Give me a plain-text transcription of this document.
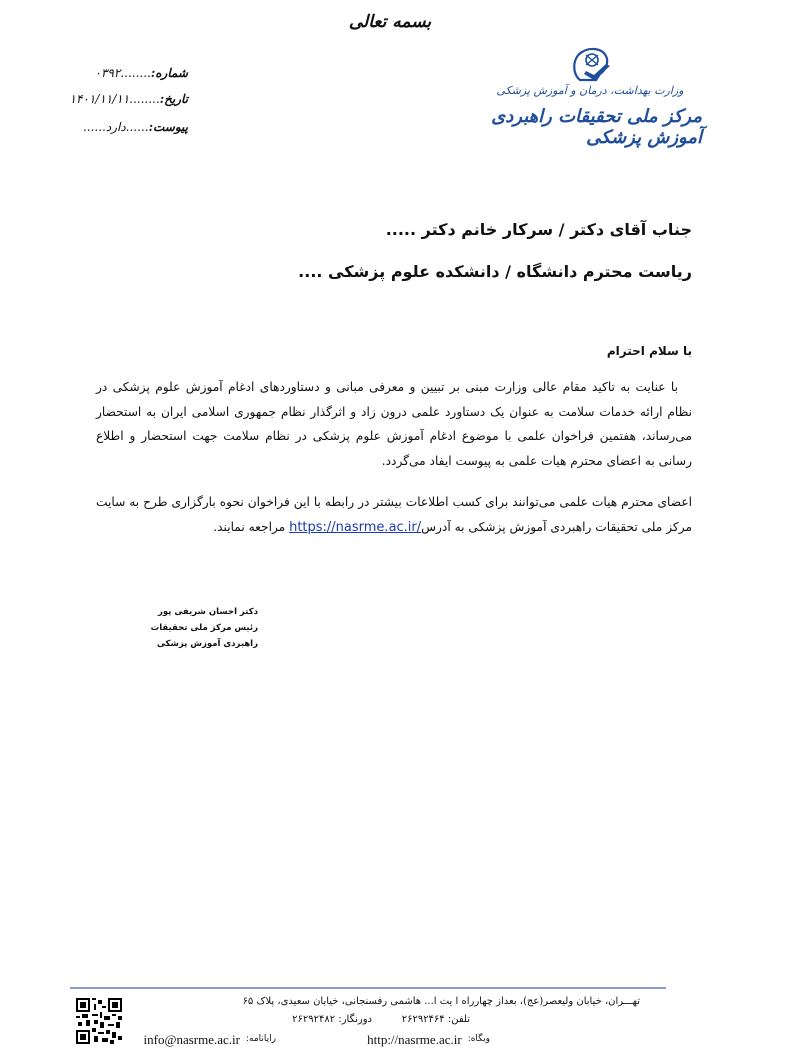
بسمه تعالی
وزارت بهداشت، درمان و آموزش پزشکی
مرکز ملی تحقیقات راهبردی آموزش پزشکی
شماره:........۰۳۹۲
تاریخ:........۱۴۰۱/۱۱/۱۱
پیوست:......دارد......
جناب آقای دکتر / سرکار خانم دکتر .....
ریاست محترم دانشگاه / دانشکده علوم پزشکی ....
با سلام احترام
با عنایت به تاکید مقام عالی وزارت مبنی بر تبیین و معرفی مبانی و دستاوردهای ادغام آموزش علوم پزشکی در نظام ارائه خدمات سلامت به عنوان یک دستاورد علمی درون زاد و اثرگذار نظام جمهوری اسلامی ایران به استحضار می‌رساند، هفتمین فراخوان علمی با موضوع ادغام آموزش علوم پزشکی در نظام سلامت جهت استحضار و اطلاع رسانی به اعضای محترم هیات علمی به پیوست ایفاد می‌گردد.
اعضای محترم هیات علمی می‌توانند برای کسب اطلاعات بیشتر در رابطه با این فراخوان نحوه بارگزاری طرح به سایت مرکز ملی تحقیقات راهبردی آموزش پزشکی به آدرسhttps://nasrme.ac.ir/ مراجعه نمایند.
دکتر احسان شریفی پور
رئیس مرکز ملی تحقیقات
راهبردی آموزش پزشکی
تهـــران، خیابان ولیعصر(عج)، بعداز چهارراه ا یت ا... هاشمی رفسنجانی، خیابان سعیدی، پلاک ۶۵
تلفن: ۲۶۲۹۲۴۶۴
دورنگار: ۲۶۲۹۲۴۸۲
وبگاه:http://nasrme.ac.ir
رایانامه:info@nasrme.ac.ir
